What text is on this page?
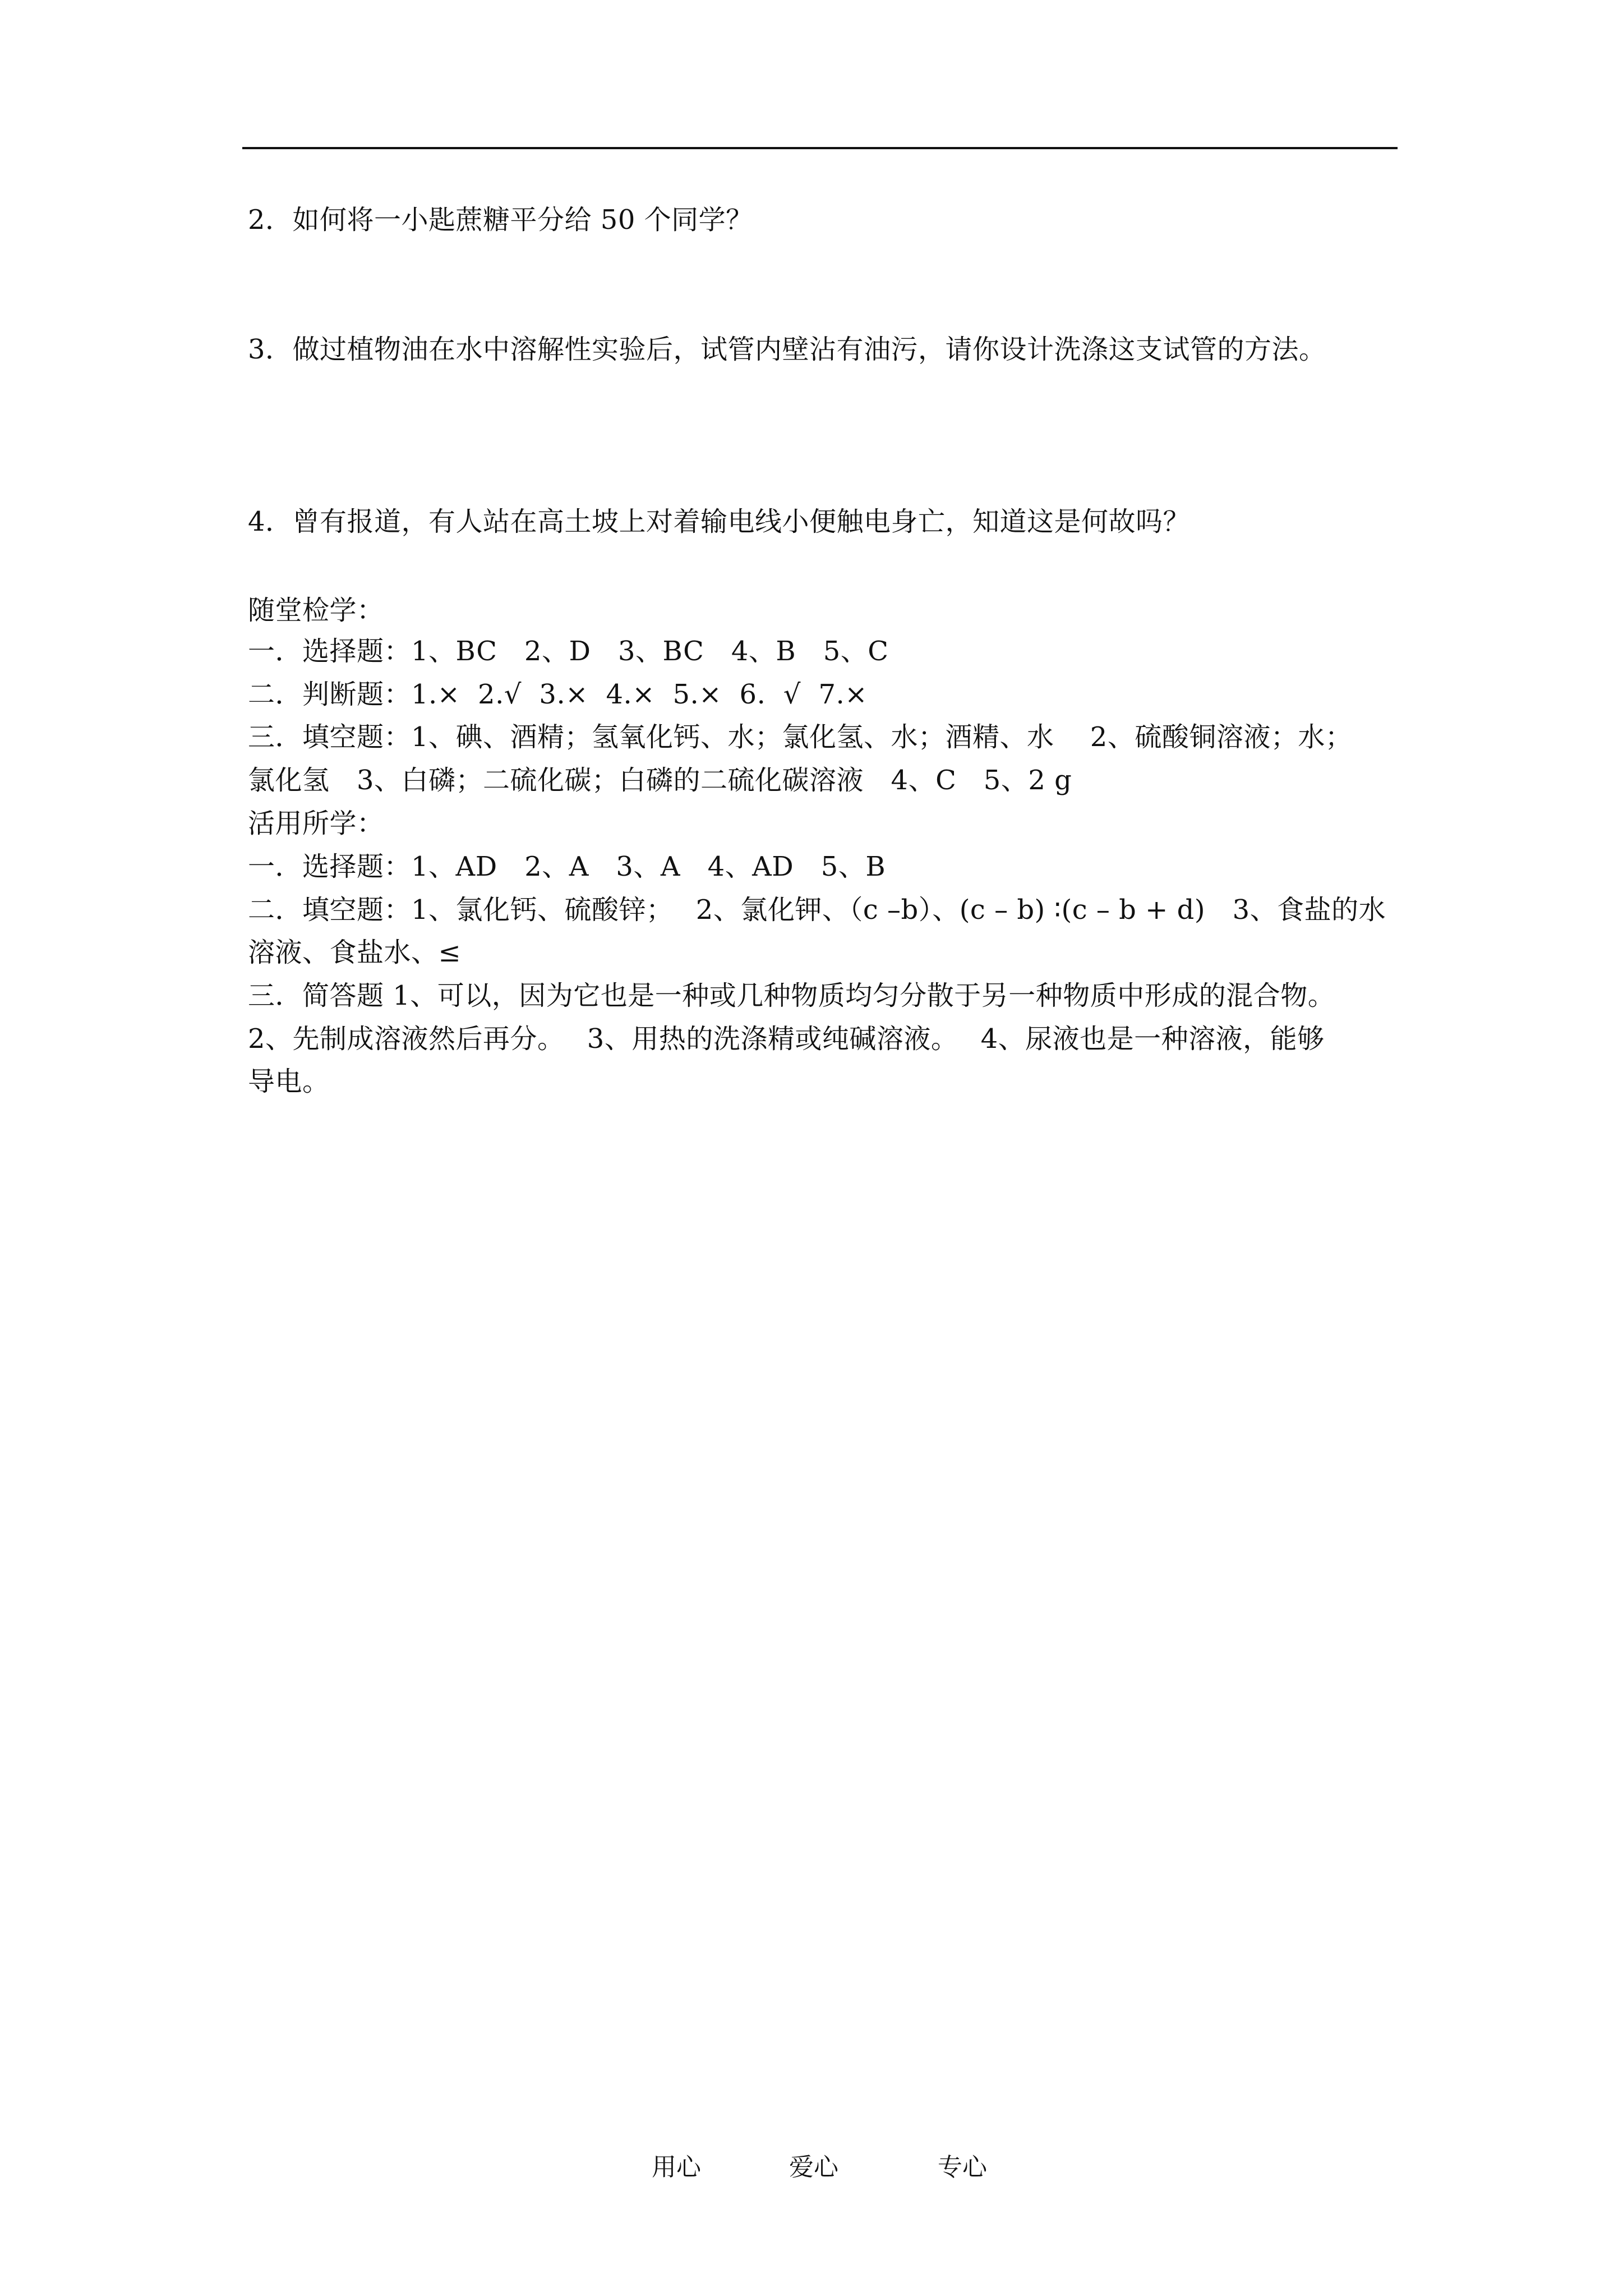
2．如何将一小匙蔗糖平分给 50 个同学？
3．做过植物油在水中溶解性实验后，试管内壁沾有油污，请你设计洗涤这支试管的方法。
4．曾有报道，有人站在高土坡上对着输电线小便触电身亡，知道这是何故吗？
随堂检学：
一．选择题：1、BC　2、D　3、BC　4、B　5、C
二．判断题：1.×  2.√  3.×  4.×  5.×  6.  √  7.×
三．填空题：1、碘、酒精；氢氧化钙、水；氯化氢、水；酒精、水　 2、硫酸铜溶液；水；
氯化氢　3、白磷；二硫化碳；白磷的二硫化碳溶液　4、C　5、2 g
活用所学：
一．选择题：1、AD　2、A　3、A　4、AD　5、B
二．填空题：1、氯化钙、硫酸锌；　 2、氯化钾、（c –b）、(c – b) ∶(c – b + d)　3、食盐的水
溶液、食盐水、≤
三．简答题 1、可以，因为它也是一种或几种物质均匀分散于另一种物质中形成的混合物。
2、先制成溶液然后再分。　 3、用热的洗涤精或纯碱溶液。　 4、尿液也是一种溶液，能够
导电。
用心	爱心	专心
